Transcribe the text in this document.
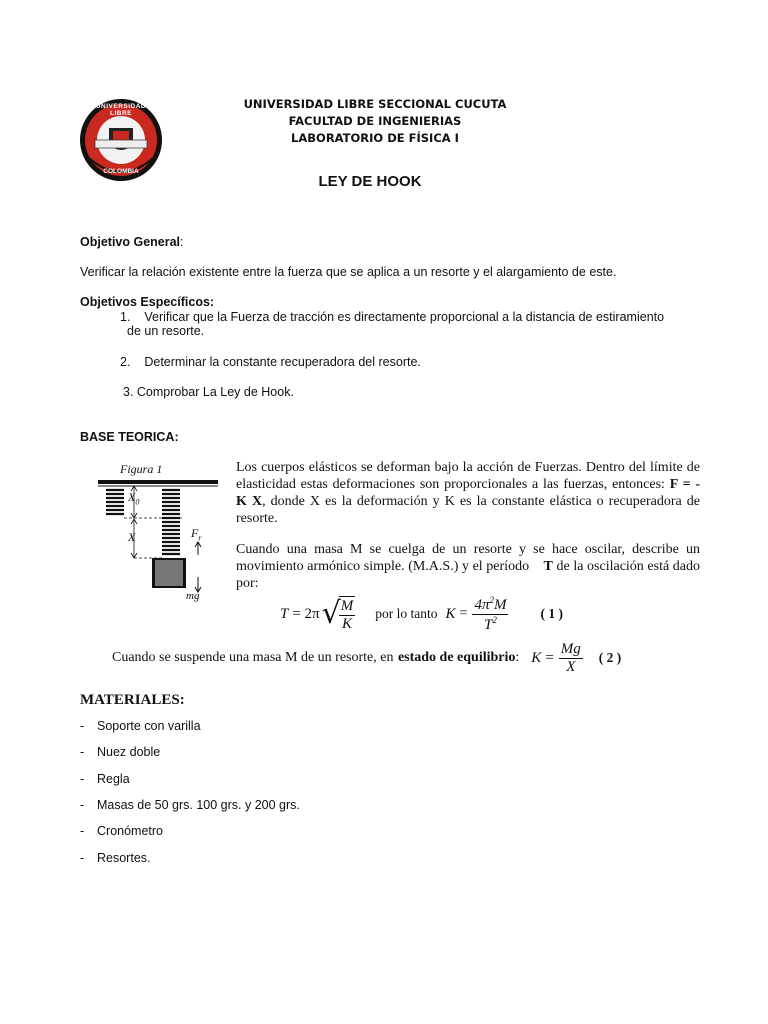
UNIVERSIDAD LIBRE
COLOMBIA
UNIVERSIDAD LIBRE SECCIONAL CUCUTA
FACULTAD DE INGENIERIAS
LABORATORIO DE FÍSICA I
LEY DE HOOK
Objetivo General:
Verificar la relación existente entre la fuerza que se aplica a un resorte y el alargamiento de este.
Objetivos Específicos:
1. Verificar que la Fuerza de tracción es directamente proporcional a la distancia de estiramiento
de un resorte.
2. Determinar la constante recuperadora del resorte.
3. Comprobar La Ley de Hook.
BASE TEORICA:
Figura 1
$X_0$
X	$F_r$
mg
Los cuerpos elásticos se deforman bajo la acción de Fuerzas. Dentro del límite de elasticidad estas deformaciones son proporcionales a las fuerzas, entonces: F = - K X, donde X es la deformación y K es la constante elástica o recuperadora de resorte.
Cuando una masa M se cuelga de un resorte y se hace oscilar, describe un movimiento armónico simple. (M.A.S.) y el período T de la oscilación está dado por:
T = 2π √
$\frac{M}{K}$ por lo tanto $K = \frac{4\pi^2M}{T^2}$ ( 1 )
Cuando se suspende una masa M de un resorte, en
estado de equilibrio : $K = \frac{Mg}{X}$ ( 2 )
MATERIALES:
- Soporte con varilla
- Nuez doble
- Regla
- Masas de 50 grs. 100 grs. y 200 grs.
- Cronómetro
- Resortes.
